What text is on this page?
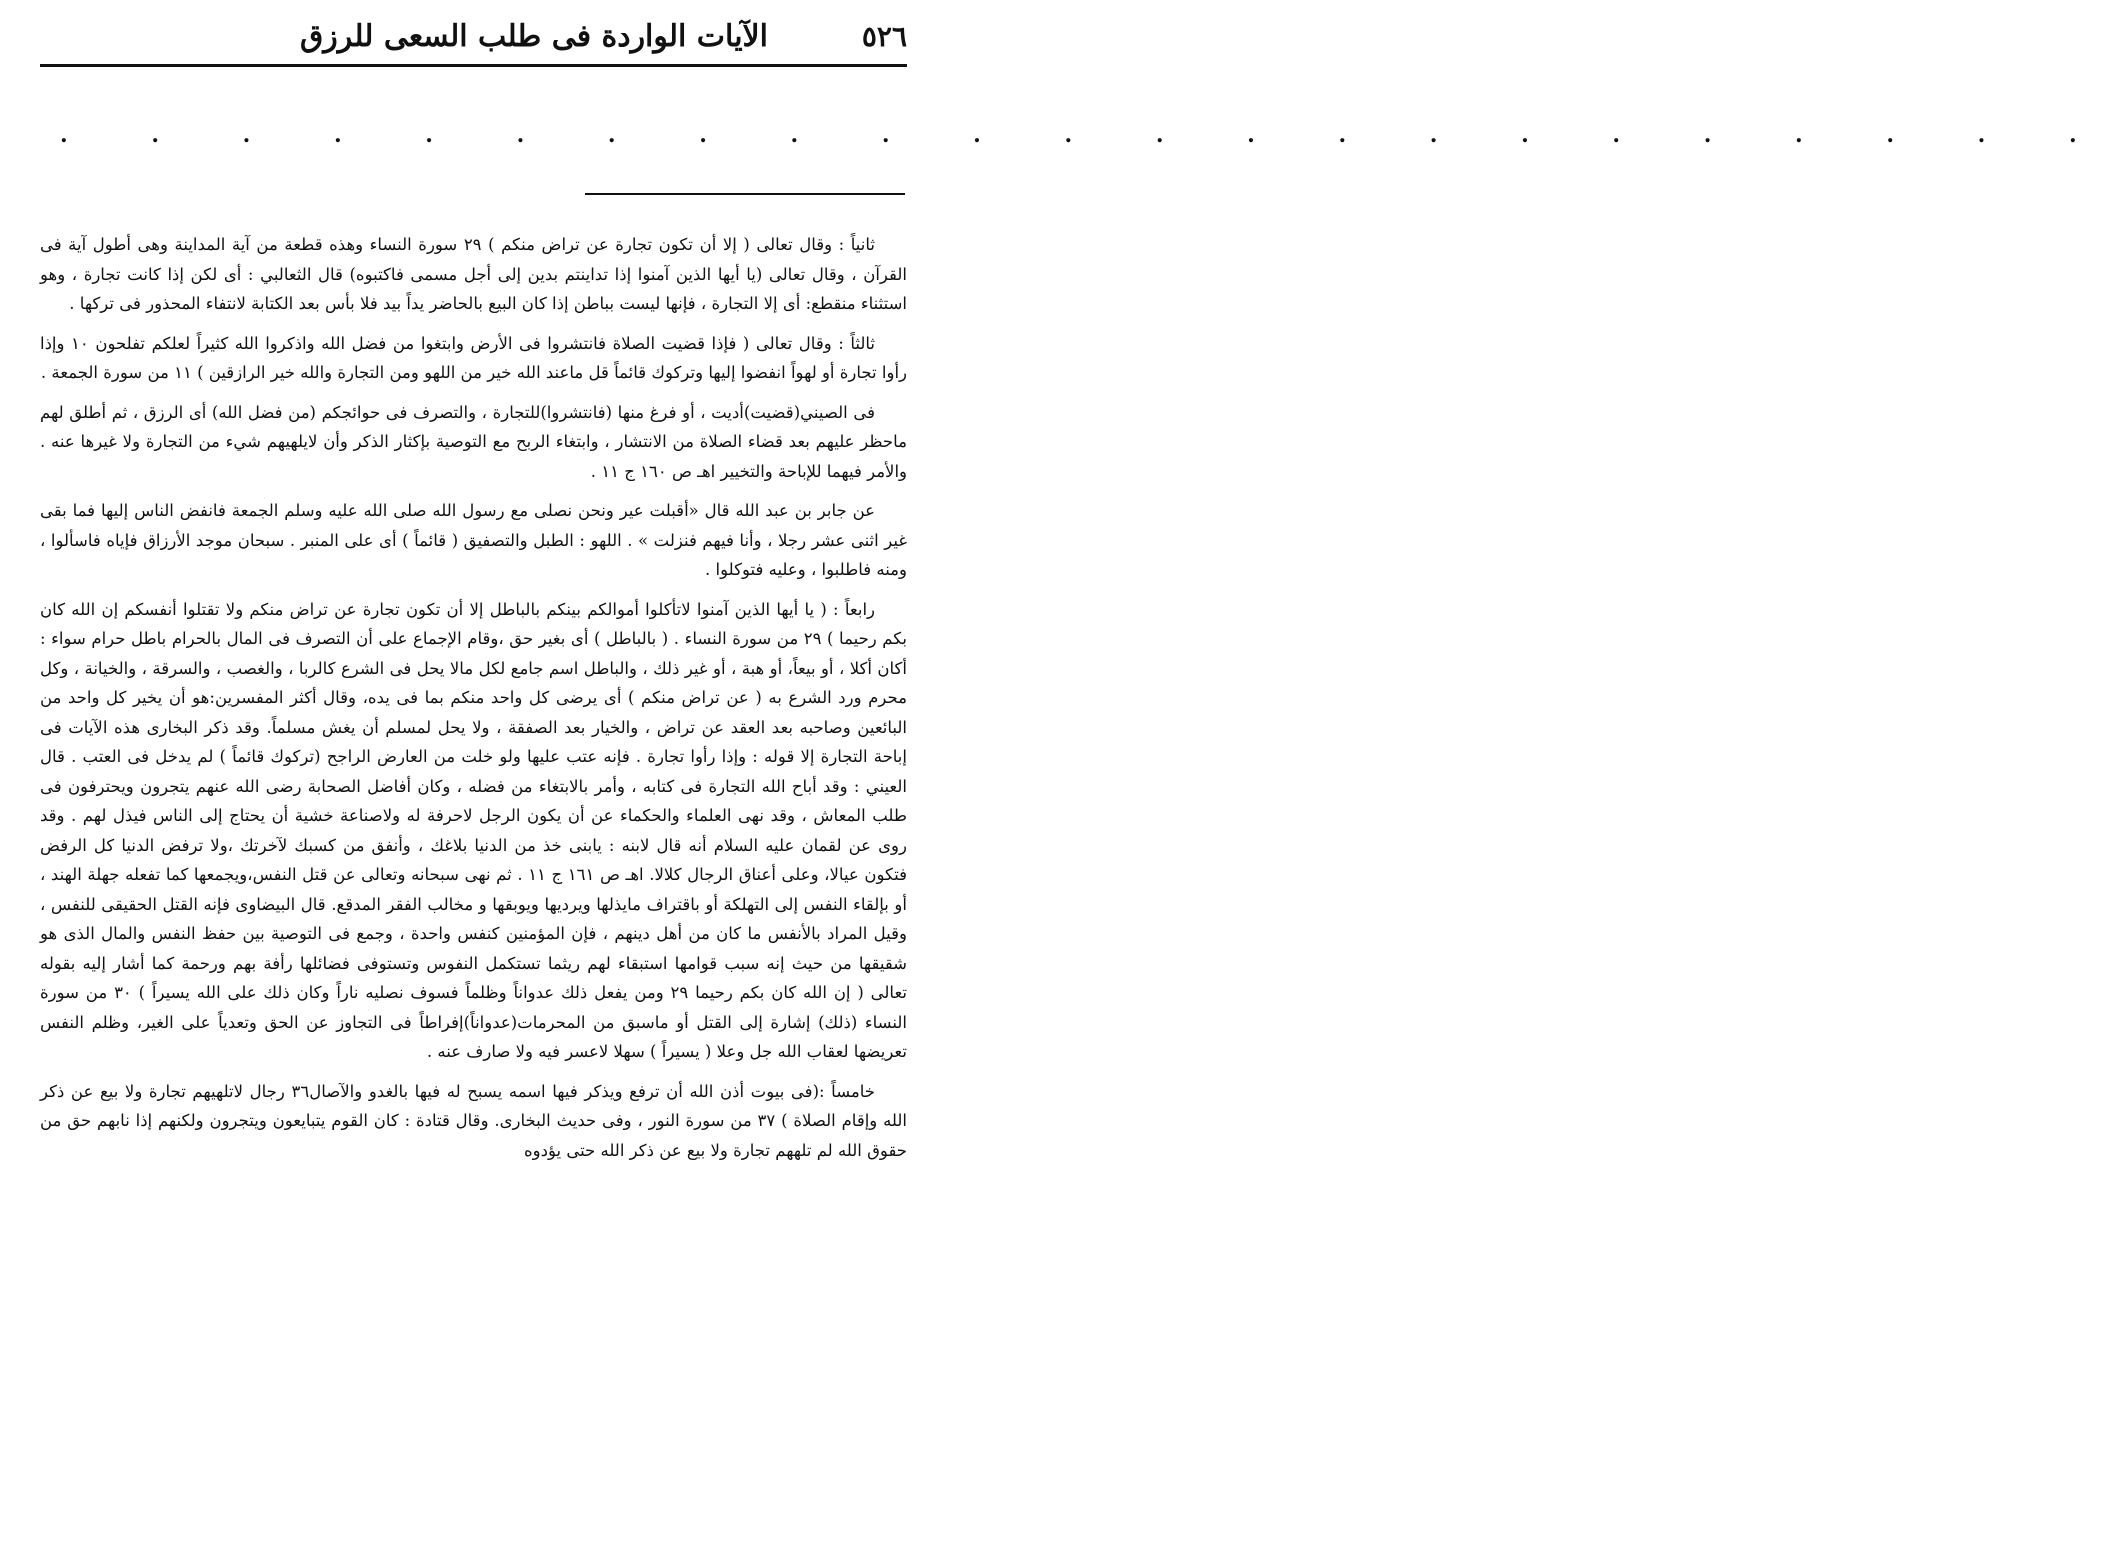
٥٢٦
الآيات الواردة فى طلب السعى للرزق
. . . . . . . . . . . . . . . . . . . . . . .

ثانياً : وقال تعالى ( إلا أن تكون تجارة عن تراض منكم ) ٢٩ سورة النساء وهذه قطعة من آية المداينة وهى أطول آية فى القرآن ، وقال تعالى (يا أيها الذين آمنوا إذا تداينتم بدين إلى أجل مسمى فاكتبوه) قال الثعالبي : أى لكن إذا كانت تجارة ، وهو استثناء منقطع: أى إلا التجارة ، فإنها ليست بباطن إذا كان البيع بالحاضر يداً بيد فلا بأس بعد الكتابة لانتفاء المحذور فى تركها .

ثالثاً : وقال تعالى ( فإذا قضيت الصلاة فانتشروا فى الأرض وابتغوا من فضل الله واذكروا الله كثيراً لعلكم تفلحون ١٠ وإذا رأوا تجارة أو لهواً انفضوا إليها وتركوك قائماً قل ماعند الله خير من اللهو ومن التجارة والله خير الرازقين ) ١١ من سورة الجمعة .

فى الصيني(قضيت)أديت ، أو فرغ منها (فانتشروا)للتجارة ، والتصرف فى حوائجكم (من فضل الله) أى الرزق ، ثم أطلق لهم ماحظر عليهم بعد قضاء الصلاة من الانتشار ، وابتغاء الربح مع التوصية بإكثار الذكر وأن لايلهيهم شيء من التجارة ولا غيرها عنه . والأمر فيهما للإباحة والتخيير اهـ ص ١٦٠ ج ١١ .

عن جابر بن عبد الله قال «أقبلت عير ونحن نصلى مع رسول الله صلى الله عليه وسلم الجمعة فانفض الناس إليها فما بقى غير اثنى عشر رجلا ، وأنا فيهم فنزلت » . اللهو : الطبل والتصفيق ( قائماً ) أى على المنبر . سبحان موجد الأرزاق فإياه فاسألوا ، ومنه فاطلبوا ، وعليه فتوكلوا .

رابعاً : ( يا أيها الذين آمنوا لاتأكلوا أموالكم بينكم بالباطل إلا أن تكون تجارة عن تراض منكم ولا تقتلوا أنفسكم إن الله كان بكم رحيما ) ٢٩ من سورة النساء . ( بالباطل ) أى بغير حق ،وقام الإجماع على أن التصرف فى المال بالحرام باطل حرام سواء : أكان أكلا ، أو بيعاً، أو هبة ، أو غير ذلك ، والباطل اسم جامع لكل مالا يحل فى الشرع كالربا ، والغصب ، والسرقة ، والخيانة ، وكل محرم ورد الشرع به ( عن تراض منكم ) أى يرضى كل واحد منكم بما فى يده، وقال أكثر المفسرين:هو أن يخير كل واحد من البائعين وصاحبه بعد العقد عن تراض ، والخيار بعد الصفقة ، ولا يحل لمسلم أن يغش مسلماً. وقد ذكر البخارى هذه الآيات فى إباحة التجارة إلا قوله : وإذا رأوا تجارة . فإنه عتب عليها ولو خلت من العارض الراجح (تركوك قائماً ) لم يدخل فى العتب . قال العيني : وقد أباح الله التجارة فى كتابه ، وأمر بالابتغاء من فضله ، وكان أفاضل الصحابة رضى الله عنهم يتجرون ويحترفون فى طلب المعاش ، وقد نهى العلماء والحكماء عن أن يكون الرجل لاحرفة له ولاصناعة خشية أن يحتاج إلى الناس فيذل لهم . وقد روى عن لقمان عليه السلام أنه قال لابنه : يابنى خذ من الدنيا بلاغك ، وأنفق من كسبك لآخرتك ،ولا ترفض الدنيا كل الرفض فتكون عيالا، وعلى أعناق الرجال كلالا. اهـ ص ١٦١ ج ١١ . ثم نهى سبحانه وتعالى عن قتل النفس،ويجمعها كما تفعله جهلة الهند ، أو بإلقاء النفس إلى التهلكة أو باقتراف مايذلها ويرديها ويوبقها و مخالب الفقر المدقع. قال البيضاوى فإنه القتل الحقيقى للنفس ، وقيل المراد بالأنفس ما كان من أهل دينهم ، فإن المؤمنين كنفس واحدة ، وجمع فى التوصية بين حفظ النفس والمال الذى هو شقيقها من حيث إنه سبب قوامها استبقاء لهم ريثما تستكمل النفوس وتستوفى فضائلها رأفة بهم ورحمة كما أشار إليه بقوله تعالى ( إن الله كان بكم رحيما ٢٩ ومن يفعل ذلك عدواناً وظلماً فسوف نصليه ناراً وكان ذلك على الله يسيراً ) ٣٠ من سورة النساء (ذلك) إشارة إلى القتل أو ماسبق من المحرمات(عدواناً)إفراطاً فى التجاوز عن الحق وتعدياً على الغير، وظلم النفس تعريضها لعقاب الله جل وعلا ( يسيراً ) سهلا لاعسر فيه ولا صارف عنه .

خامساً :(فى بيوت أذن الله أن ترفع ويذكر فيها اسمه يسبح له فيها بالغدو والآصال٣٦ رجال لاتلهيهم تجارة ولا بيع عن ذكر الله وإقام الصلاة ) ٣٧ من سورة النور ، وفى حديث البخارى. وقال قتادة : كان القوم يتبايعون ويتجرون ولكنهم إذا نابهم حق من حقوق الله لم تلههم تجارة ولا بيع عن ذكر الله حتى يؤدوه
